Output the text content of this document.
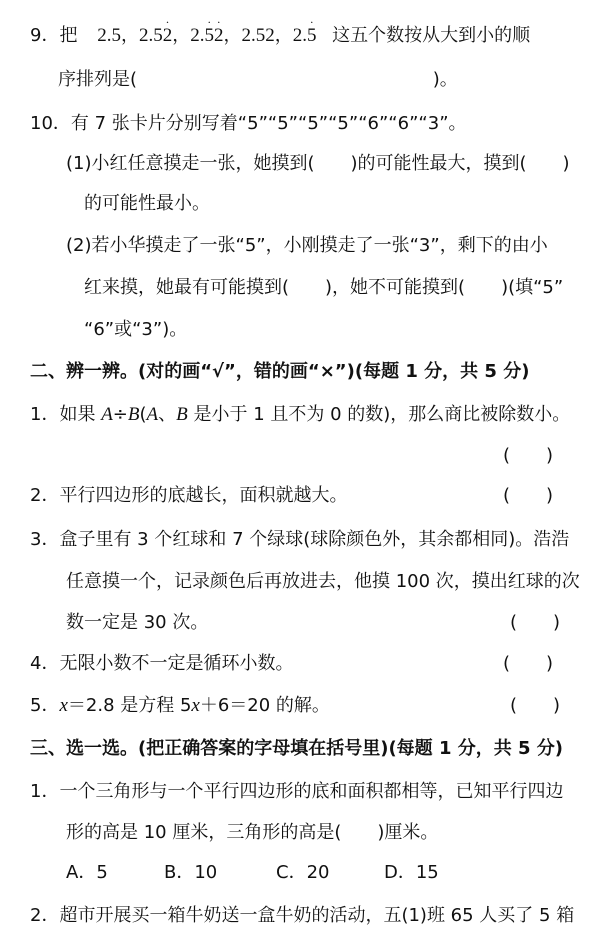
9．把 2.5，2.5
·
2，2.
·
5
·
2，2.52，2.
·
5 这五个数按从大到小的顺
序排列是(	)。
10．有 7 张卡片分别写着“5”“5”“5”“5”“6”“6”“3”。
(1)小红任意摸走一张，她摸到(　　)的可能性最大，摸到(　　)
的可能性最小。
(2)若小华摸走了一张“5”，小刚摸走了一张“3”，剩下的由小
红来摸，她最有可能摸到(　　)，她不可能摸到(　　)(填“5”
“6”或“3”)。
二、辨一辨。(对的画“√”，错的画“×”)(每题 1 分，共 5 分)
1．如果 A÷B(A、B 是小于 1 且不为 0 的数)，那么商比被除数小。
(　　)
2．平行四边形的底越长，面积就越大。	(　　)
3．盒子里有 3 个红球和 7 个绿球(球除颜色外，其余都相同)。浩浩
任意摸一个，记录颜色后再放进去，他摸 100 次，摸出红球的次
数一定是 30 次。	(　　)
4．无限小数不一定是循环小数。	(　　)
5．x＝2.8 是方程 5x＋6＝20 的解。	(　　)
三、选一选。(把正确答案的字母填在括号里)(每题 1 分，共 5 分)
1．一个三角形与一个平行四边形的底和面积都相等，已知平行四边
形的高是 10 厘米，三角形的高是(　　)厘米。
A．5	B．10	C．20	D．15
2．超市开展买一箱牛奶送一盒牛奶的活动，五(1)班 65 人买了 5 箱
